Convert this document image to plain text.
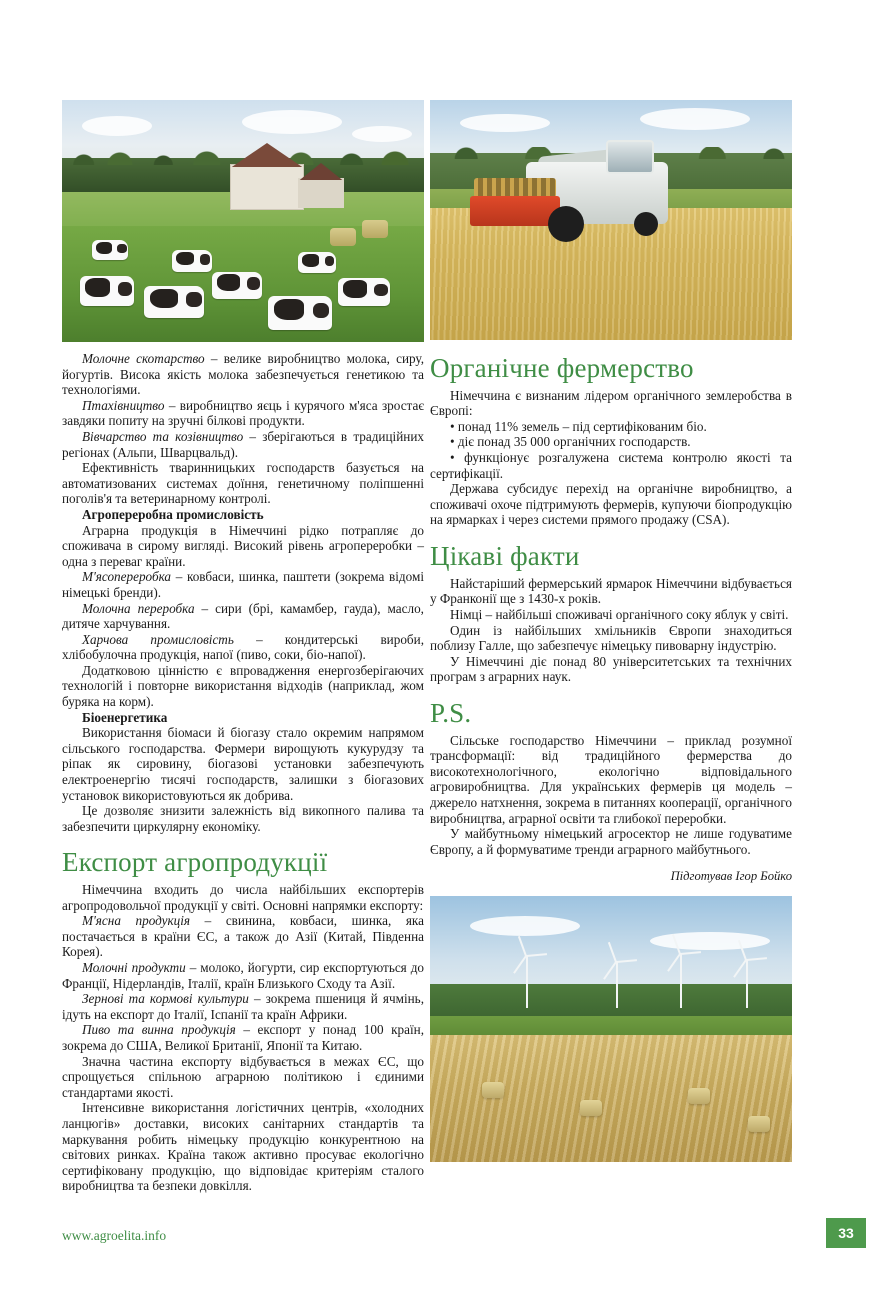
Молочне скотарство – велике виробництво молока, сиру, йогуртів. Висока якість молока забезпечується генетикою та технологіями.

Птахівництво – виробництво яєць і курячого м'яса зростає завдяки попиту на зручні білкові продукти.

Вівчарство та козівництво – зберігаються в традиційних регіонах (Альпи, Шварцвальд).

Ефективність тваринницьких господарств базується на автоматизованих системах доїння, генетичному поліпшенні поголів'я та ветеринарному контролі.

Агропереробна промисловість

Аграрна продукція в Німеччині рідко потрапляє до споживача в сирому вигляді. Високий рівень агропереробки – одна з переваг країни.

М'ясопереробка – ковбаси, шинка, паштети (зокрема відомі німецькі бренди).

Молочна переробка – сири (брі, камамбер, гауда), масло, дитяче харчування.

Харчова промисловість – кондитерські вироби, хлібобулочна продукція, напої (пиво, соки, біо-напої).

Додатковою цінністю є впровадження енергозберігаючих технологій і повторне використання відходів (наприклад, жом буряка на корм).

Біоенергетика

Використання біомаси й біогазу стало окремим напрямом сільського господарства. Фермери вирощують кукурудзу та ріпак як сировину, біогазові установки забезпечують електроенергію тисячі господарств, залишки з біогазових установок використовуються як добрива.

Це дозволяє знизити залежність від викопного палива та забезпечити циркулярну економіку.

Експорт агропродукції

Німеччина входить до числа найбільших експортерів агропродовольчої продукції у світі. Основні напрямки експорту:

М'ясна продукція – свинина, ковбаси, шинка, яка постачається в країни ЄС, а також до Азії (Китай, Південна Корея).

Молочні продукти – молоко, йогурти, сир експортуються до Франції, Нідерландів, Італії, країн Близького Сходу та Азії.

Зернові та кормові культури – зокрема пшениця й ячмінь, ідуть на експорт до Італії, Іспанії та країн Африки.

Пиво та винна продукція – експорт у понад 100 країн, зокрема до США, Великої Британії, Японії та Китаю.

Значна частина експорту відбувається в межах ЄС, що спрощується спільною аграрною політикою і єдиними стандартами якості.

Інтенсивне використання логістичних центрів, «холодних ланцюгів» доставки, високих санітарних стандартів та маркування робить німецьку продукцію конкурентною на світових ринках. Країна також активно просуває екологічно сертифіковану продукцію, що відповідає критеріям сталого виробництва та безпеки довкілля.

Органічне фермерство

Німеччина є визнаним лідером органічного землеробства в Європі:

• понад 11% земель – під сертифікованим біо.

• діє понад 35 000 органічних господарств.

• функціонує розгалужена система контролю якості та сертифікації.

Держава субсидує перехід на органічне виробництво, а споживачі охоче підтримують фермерів, купуючи біопродукцію на ярмарках і через системи прямого продажу (CSA).

Цікаві факти

Найстаріший фермерський ярмарок Німеччини відбувається у Франконії ще з 1430-х років.

Німці – найбільші споживачі органічного соку яблук у світі.

Один із найбільших хмільників Європи знаходиться поблизу Галле, що забезпечує німецьку пивоварну індустрію.

У Німеччині діє понад 80 університетських та технічних програм з аграрних наук.

P.S.

Сільське господарство Німеччини – приклад розумної трансформації: від традиційного фермерства до високотехнологічного, екологічно відповідального агровиробництва. Для українських фермерів ця модель – джерело натхнення, зокрема в питаннях кооперації, органічного виробництва, аграрної освіти та глибокої переробки.

У майбутньому німецький агросектор не лише годуватиме Європу, а й формуватиме тренди аграрного майбутнього.

Підготував Ігор Бойко

www.agroelita.info	33
